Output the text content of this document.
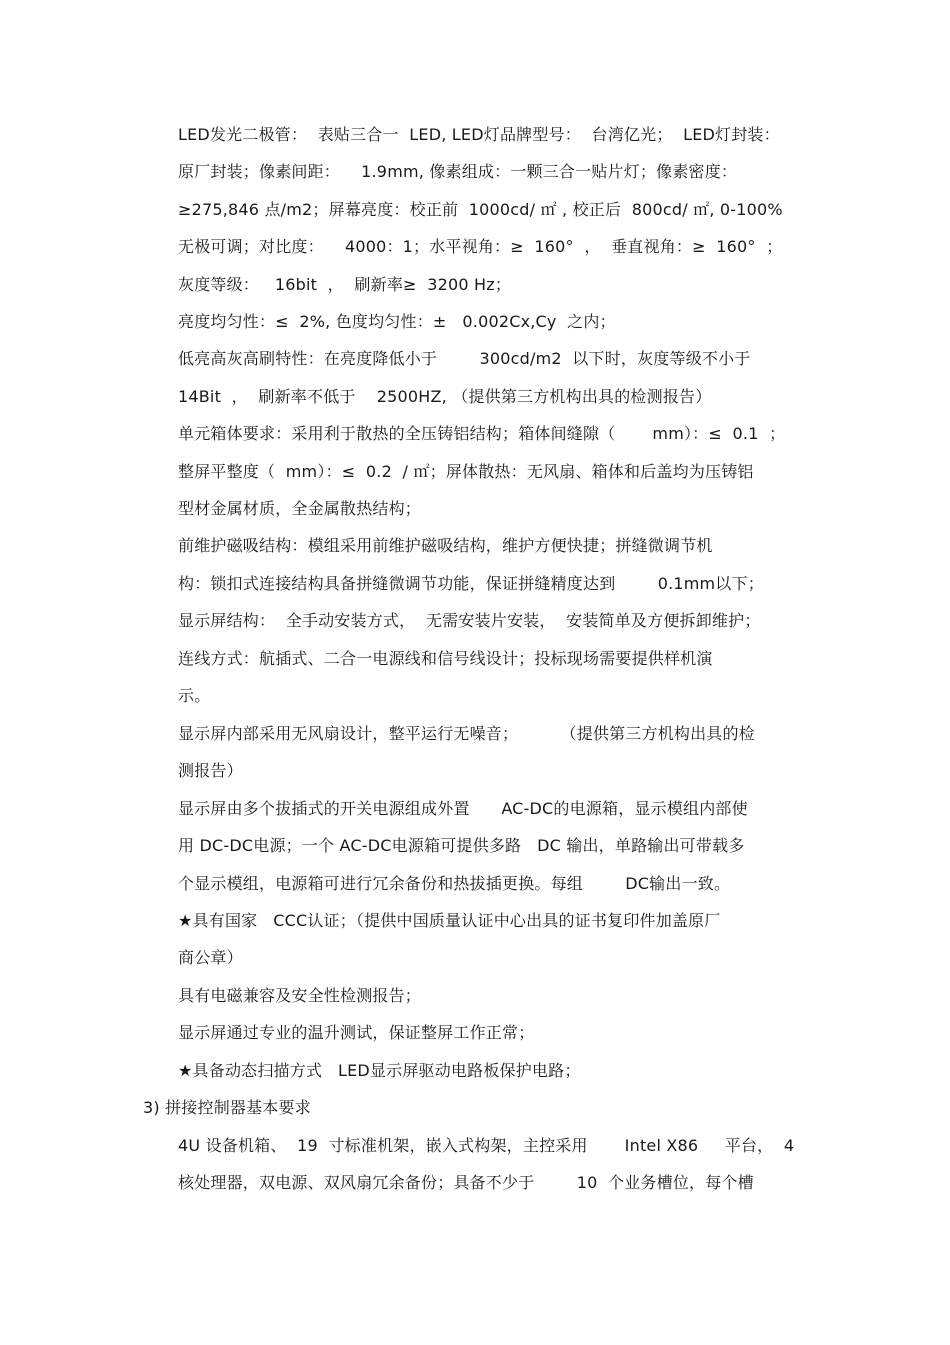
LED发光二极管：  表贴三合一  LED, LED灯品牌型号：  台湾亿光；  LED灯封装：
原厂封装；像素间距：    1.9mm, 像素组成：一颗三合一贴片灯；像素密度：
≥275,846 点/m2；屏幕亮度：校正前  1000cd/ ㎡ , 校正后  800cd/ ㎡, 0-100%
无极可调；对比度：    4000：1；水平视角：≥  160°  ，  垂直视角：≥  160°  ；
灰度等级：   16bit  ，  刷新率≥  3200 Hz；
亮度均匀性：≤  2%, 色度均匀性：±   0.002Cx,Cy  之内；
低亮高灰高刷特性：在亮度降低小于        300cd/m2  以下时，灰度等级不小于
14Bit  ，  刷新率不低于    2500HZ, （提供第三方机构出具的检测报告）
单元箱体要求：采用利于散热的全压铸铝结构；箱体间缝隙（       mm）：≤  0.1  ；
整屏平整度（  mm）：≤  0.2  / ㎡；屏体散热：无风扇、箱体和后盖均为压铸铝
型材金属材质，全金属散热结构；
前维护磁吸结构：模组采用前维护磁吸结构，维护方便快捷；拼缝微调节机
构：锁扣式连接结构具备拼缝微调节功能，保证拼缝精度达到        0.1mm以下；
显示屏结构：  全手动安装方式，  无需安装片安装，  安装简单及方便拆卸维护；
连线方式：航插式、二合一电源线和信号线设计；投标现场需要提供样机演
示。
显示屏内部采用无风扇设计，整平运行无噪音；        （提供第三方机构出具的检
测报告）
显示屏由多个拔插式的开关电源组成外置      AC-DC的电源箱，显示模组内部使
用 DC-DC电源；一个 AC-DC电源箱可提供多路   DC 输出，单路输出可带载多
个显示模组，电源箱可进行冗余备份和热拔插更换。每组        DC输出一致。
★具有国家   CCC认证；（提供中国质量认证中心出具的证书复印件加盖原厂
商公章）
具有电磁兼容及安全性检测报告；
显示屏通过专业的温升测试，保证整屏工作正常；
★具备动态扫描方式   LED显示屏驱动电路板保护电路；
3) 拼接控制器基本要求
4U 设备机箱、  19  寸标准机架，嵌入式构架，主控采用       Intel X86     平台，  4
核处理器，双电源、双风扇冗余备份；具备不少于        10  个业务槽位，每个槽
